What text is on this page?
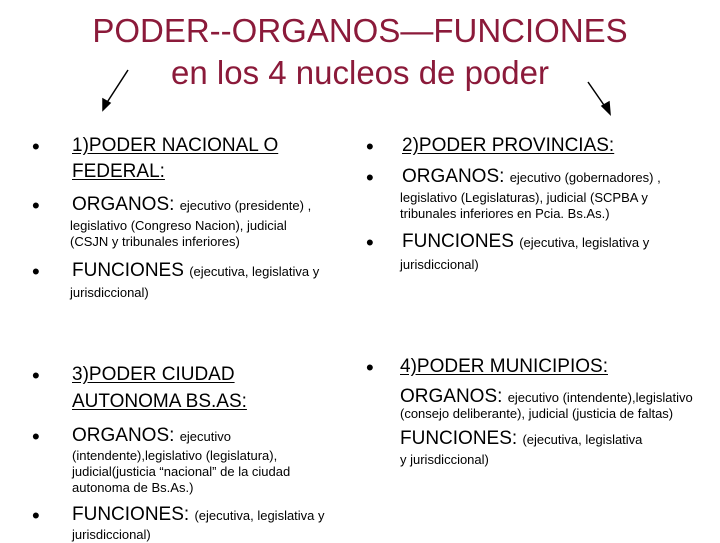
PODER--ORGANOS—FUNCIONES
en los 4 nucleos de poder
• 1)PODER NACIONAL O
FEDERAL:
• ORGANOS: ejecutivo (presidente) ,
legislativo (Congreso Nacion), judicial
(CSJN y tribunales inferiores)
• FUNCIONES (ejecutiva, legislativa y
jurisdiccional)
• 2)PODER PROVINCIAS:
• ORGANOS: ejecutivo (gobernadores) ,
legislativo (Legislaturas), judicial (SCPBA y
tribunales inferiores en Pcia. Bs.As.)
• FUNCIONES (ejecutiva, legislativa y
jurisdiccional)
• 3)PODER CIUDAD
AUTONOMA BS.AS:
• ORGANOS: ejecutivo
(intendente),legislativo (legislatura),
judicial(justicia “nacional” de la ciudad
autonoma de Bs.As.)
• FUNCIONES: (ejecutiva, legislativa y
jurisdiccional)
• 4)PODER MUNICIPIOS:
ORGANOS: ejecutivo (intendente),legislativo
(consejo deliberante), judicial (justicia de faltas)
FUNCIONES: (ejecutiva, legislativa
y jurisdiccional)
